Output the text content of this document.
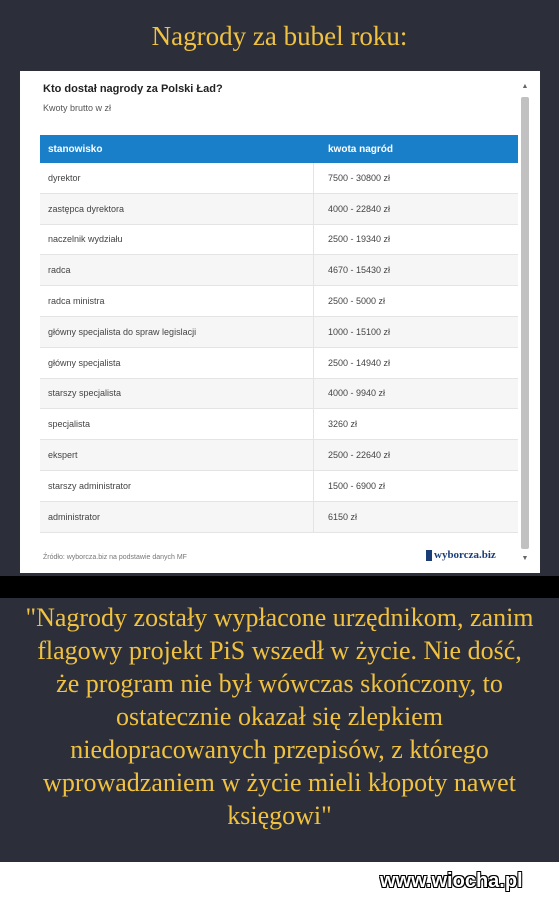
Nagrody za bubel roku:
Kto dostał nagrody za Polski Ład?
Kwoty brutto w zł
stanowisko	kwota nagród
dyrektor	7500 - 30800 zł
zastępca dyrektora	4000 - 22840 zł
naczelnik wydziału	2500 - 19340 zł
radca	4670 - 15430 zł
radca ministra	2500 - 5000 zł
główny specjalista do spraw legislacji	1000 - 15100 zł
główny specjalista	2500 - 14940 zł
starszy specjalista	4000 - 9940 zł
specjalista	3260 zł
ekspert	2500 - 22640 zł
starszy administrator	1500 - 6900 zł
administrator	6150 zł
Źródło: wyborcza.biz na podstawie danych MF	wyborcza.biz
▲
▼
"Nagrody zostały wypłacone urzędnikom, zanim flagowy projekt PiS wszedł w życie. Nie dość, że program nie był wówczas skończony, to ostatecznie okazał się zlepkiem niedopracowanych przepisów, z którego wprowadzaniem w życie mieli kłopoty nawet księgowi"
www.wiocha.pl
